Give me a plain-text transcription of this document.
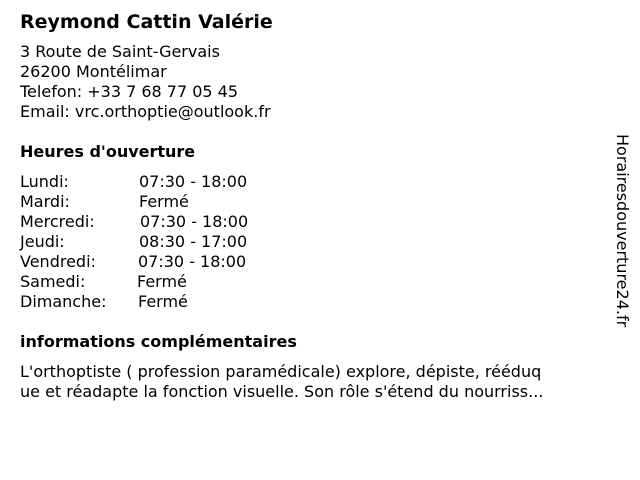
Reymond Cattin Valérie
3 Route de Saint-Gervais
26200 Montélimar
Telefon: +33 7 68 77 05 45
Email: vrc.orthoptie@outlook.fr
Heures d'ouverture
Lundi:	07:30 - 18:00
Mardi:	Fermé
Mercredi:	07:30 - 18:00
Jeudi:	08:30 - 17:00
Vendredi:	07:30 - 18:00
Samedi:	Fermé
Dimanche: Fermé
informations complémentaires
L'orthoptiste ( profession paramédicale) explore, dépiste, rééduq
ue et réadapte la fonction visuelle. Son rôle s'étend du nourriss...
Horairesdouverture24.fr
